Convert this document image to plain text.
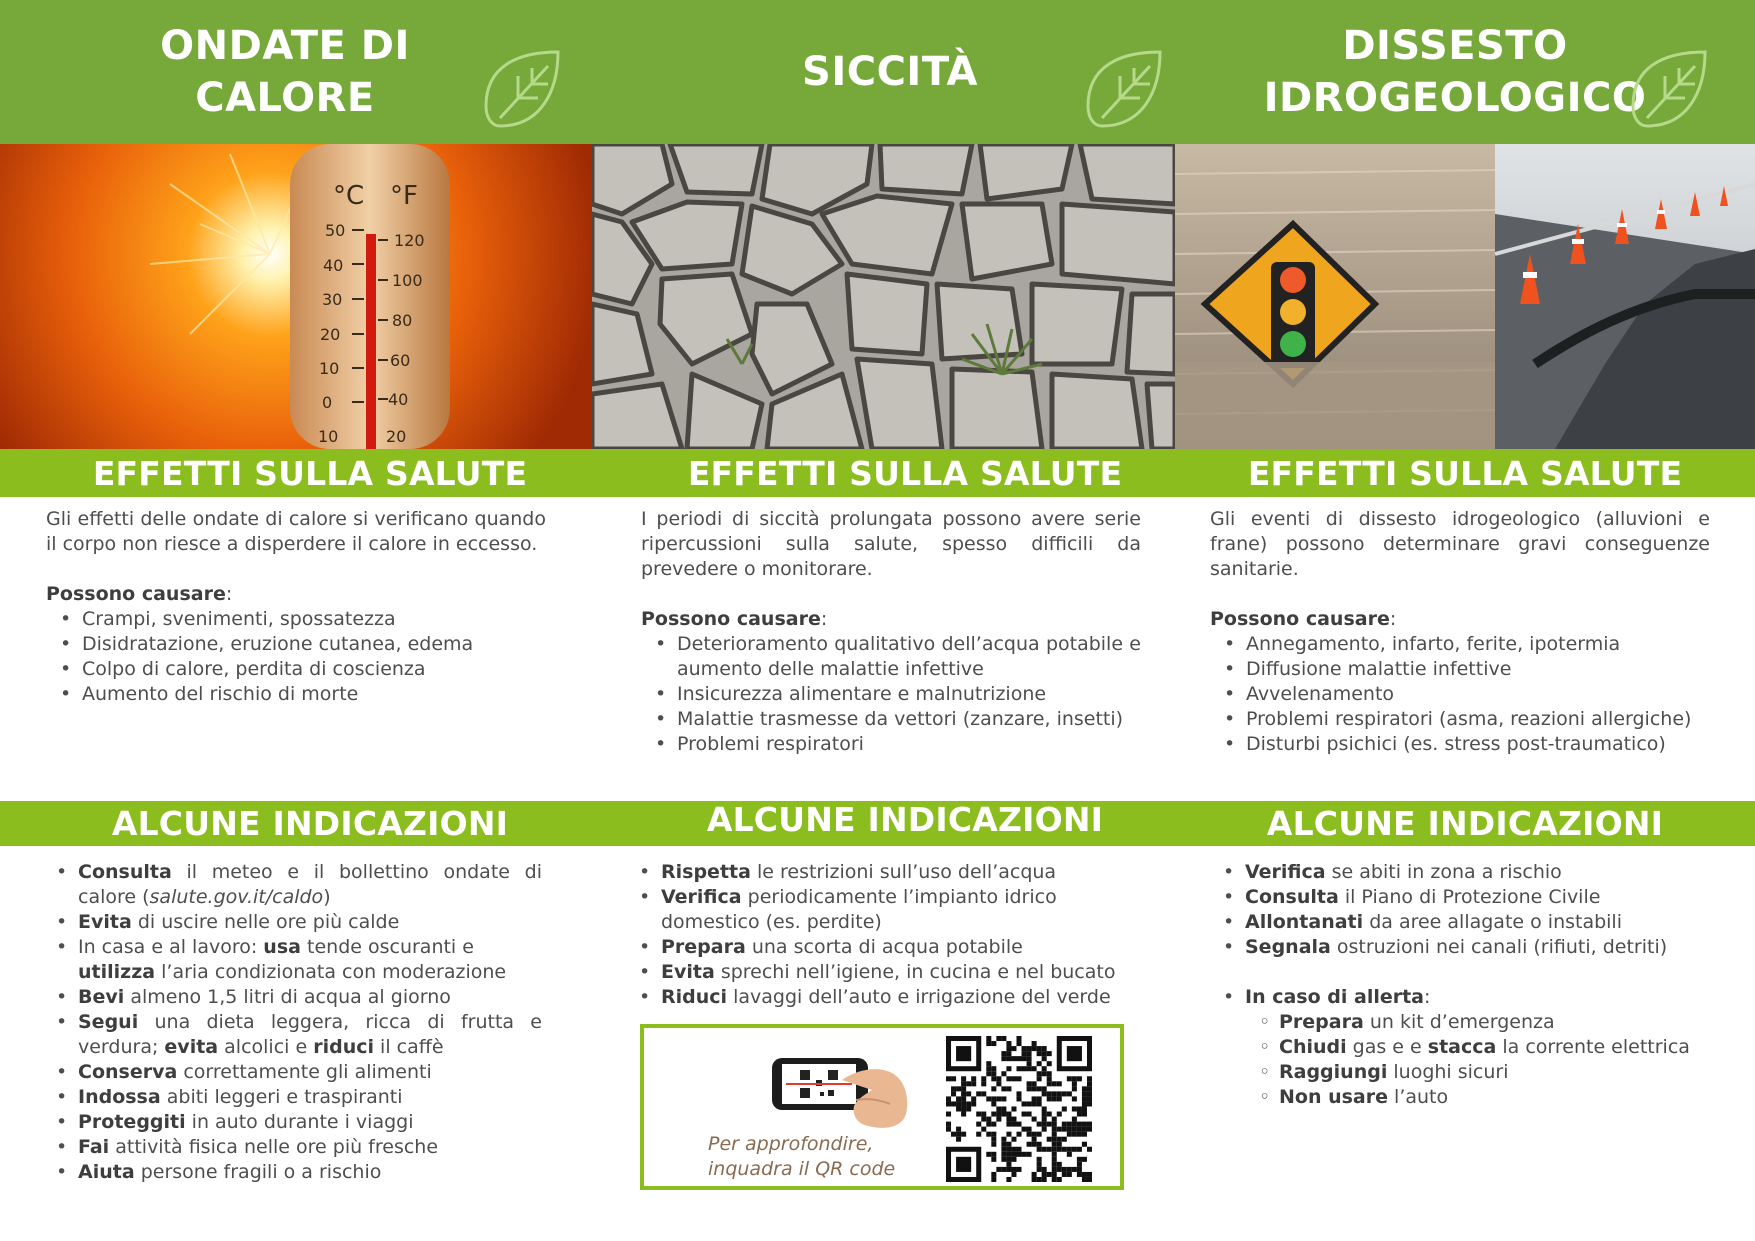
ONDATE DI
CALORE
SICCITÀ
DISSESTO
IDROGEOLOGICO
°C °F
50
40
30
20
10
0
10
120
100
80
60
40
20
EFFETTI SULLA SALUTE	EFFETTI SULLA SALUTE	EFFETTI SULLA SALUTE

Gli effetti delle ondate di calore si verificano quando il corpo non riesce a disperdere il calore in eccesso.

Possono causare:

• Crampi, svenimenti, spossatezza
• Disidratazione, eruzione cutanea, edema
• Colpo di calore, perdita di coscienza
• Aumento del rischio di morte

I periodi di siccità prolungata possono avere serie ripercussioni sulla salute, spesso difficili da prevedere o monitorare.

Possono causare:

• Deterioramento qualitativo dell’acqua potabile e aumento delle malattie infettive
• Insicurezza alimentare e malnutrizione
• Malattie trasmesse da vettori (zanzare, insetti)
• Problemi respiratori

Gli eventi di dissesto idrogeologico (alluvioni e frane) possono determinare gravi conseguenze sanitarie.

Possono causare:

• Annegamento, infarto, ferite, ipotermia
• Diffusione malattie infettive
• Avvelenamento
• Problemi respiratori (asma, reazioni allergiche)
• Disturbi psichici (es. stress post-traumatico)
ALCUNE INDICAZIONI	ALCUNE INDICAZIONI	ALCUNE INDICAZIONI
• Consulta il meteo e il bollettino ondate di calore (salute.gov.it/caldo)
• Evita di uscire nelle ore più calde
• In casa e al lavoro: usa tende oscuranti e utilizza l’aria condizionata con moderazione
• Bevi almeno 1,5 litri di acqua al giorno
• Segui una dieta leggera, ricca di frutta e verdura; evita alcolici e riduci il caffè
• Conserva correttamente gli alimenti
• Indossa abiti leggeri e traspiranti
• Proteggiti in auto durante i viaggi
• Fai attività fisica nelle ore più fresche
• Aiuta persone fragili o a rischio
• Rispetta le restrizioni sull’uso dell’acqua
• Verifica periodicamente l’impianto idrico domestico (es. perdite)
• Prepara una scorta di acqua potabile
• Evita sprechi nell’igiene, in cucina e nel bucato
• Riduci lavaggi dell’auto e irrigazione del verde

Per approfondire,
inquadra il QR code

• Verifica se abiti in zona a rischio
• Consulta il Piano di Protezione Civile
• Allontanati da aree allagate o instabili
• Segnala ostruzioni nei canali (rifiuti, detriti)
• In caso di allerta:
◦ Prepara un kit d’emergenza
◦ Chiudi gas e e stacca la corrente elettrica
◦ Raggiungi luoghi sicuri
◦ Non usare l’auto
